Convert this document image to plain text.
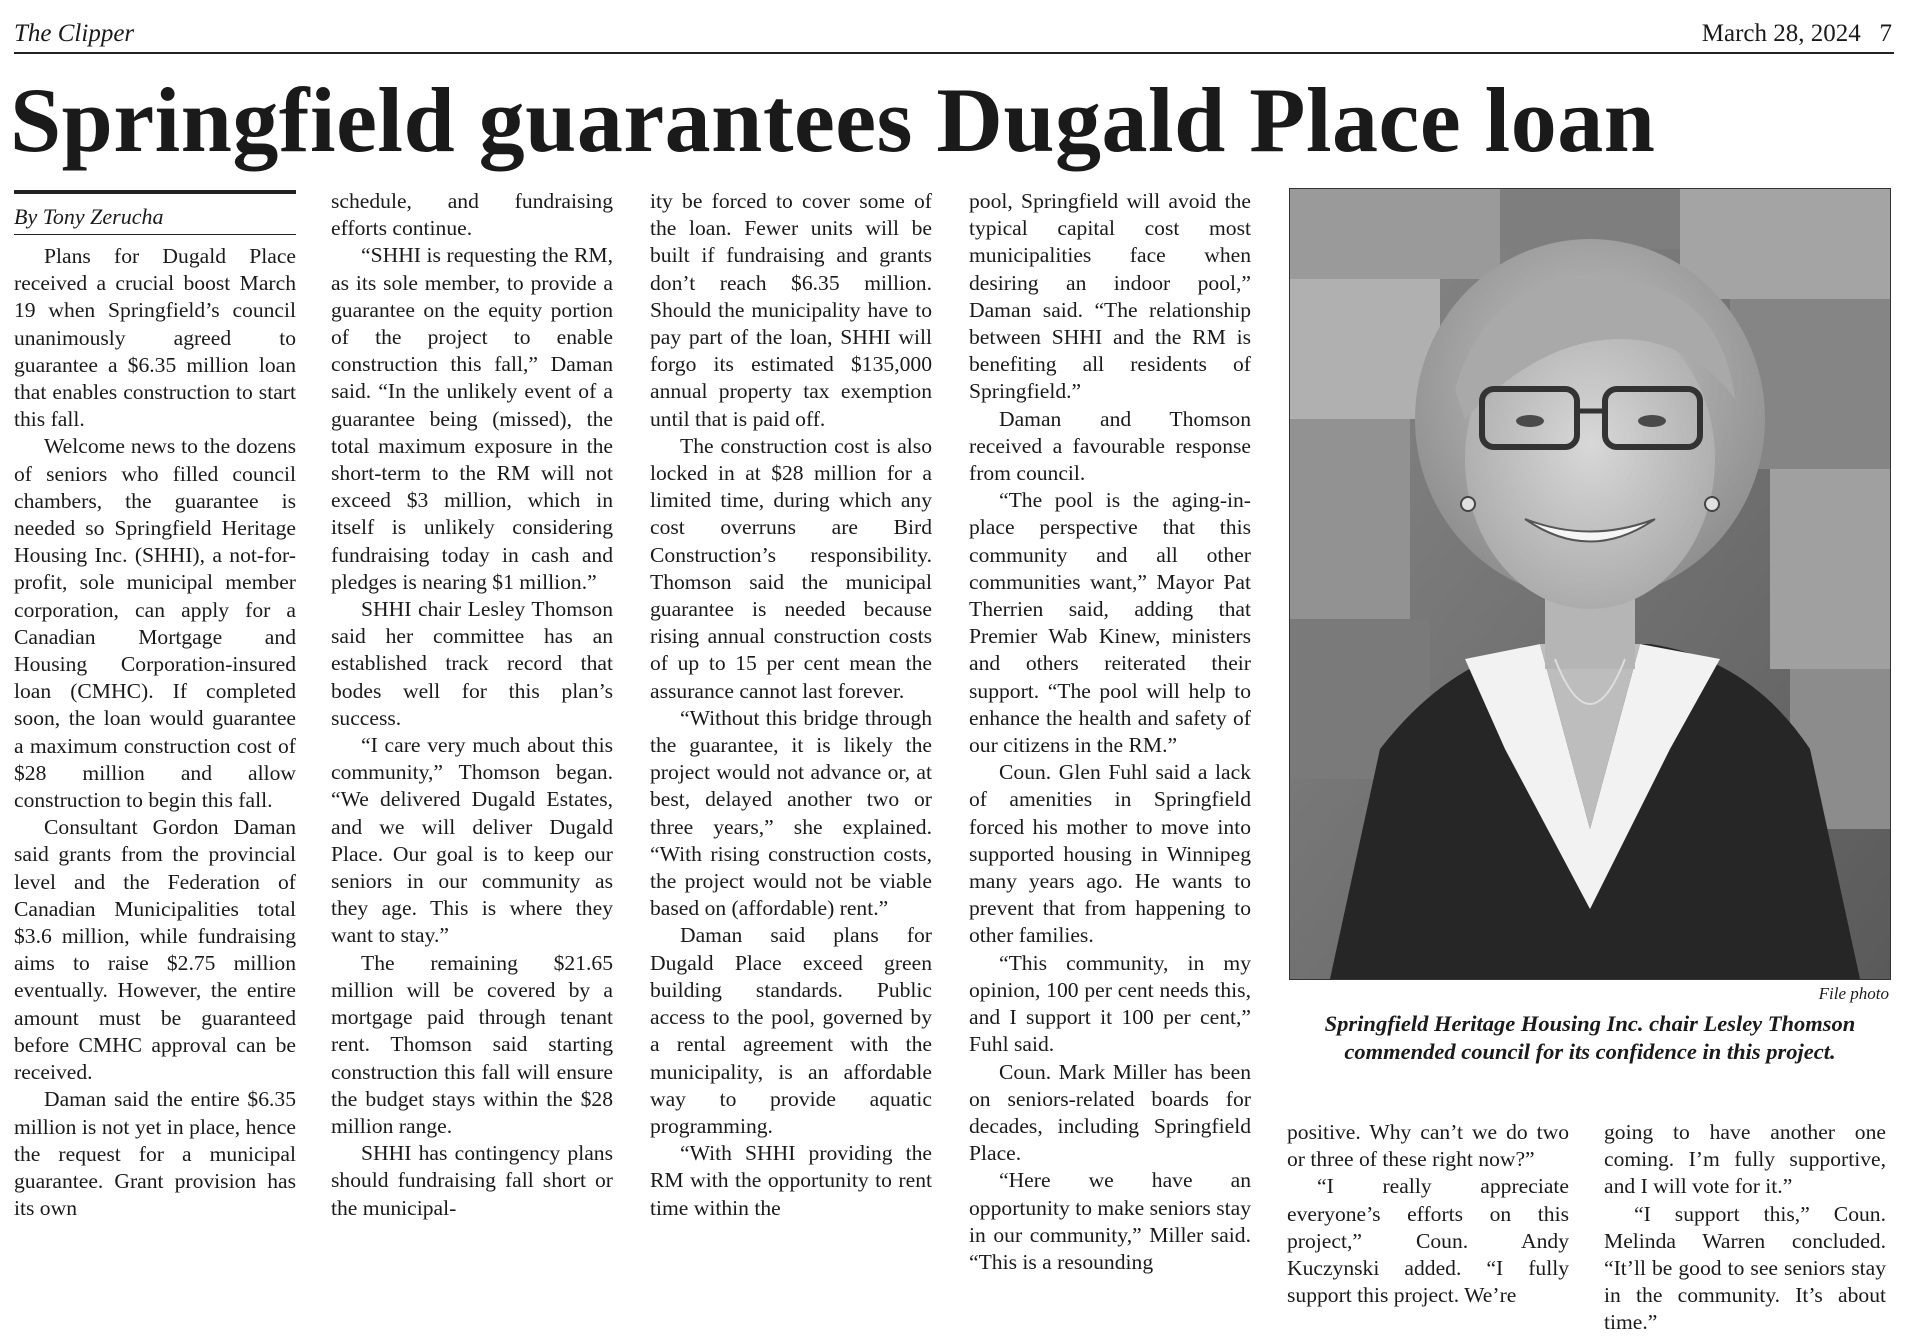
The Clipper	March 28, 2024   7
Springfield guarantees Dugald Place loan
By Tony Zerucha

Plans for Dugald Place received a crucial boost March 19 when Springfield’s council unanimously agreed to guarantee a $6.35 million loan that enables construction to start this fall.

Welcome news to the dozens of seniors who filled council chambers, the guarantee is needed so Springfield Heritage Housing Inc. (SHHI), a not-for-profit, sole municipal member corporation, can apply for a Canadian Mortgage and Housing Corporation-insured loan (CMHC). If completed soon, the loan would guarantee a maximum construction cost of $28 million and allow construction to begin this fall.

Consultant Gordon Daman said grants from the provincial level and the Federation of Canadian Municipalities total $3.6 million, while fundraising aims to raise $2.75 million eventually. However, the entire amount must be guaranteed before CMHC approval can be received.

Daman said the entire $6.35 million is not yet in place, hence the request for a municipal guarantee. Grant provision has its own

schedule, and fundraising efforts continue.

“SHHI is requesting the RM, as its sole member, to provide a guarantee on the equity portion of the project to enable construction this fall,” Daman said. “In the unlikely event of a guarantee being (missed), the total maximum exposure in the short-term to the RM will not exceed $3 million, which in itself is unlikely considering fundraising today in cash and pledges is nearing $1 million.”

SHHI chair Lesley Thomson said her committee has an established track record that bodes well for this plan’s success.

“I care very much about this community,” Thomson began. “We delivered Dugald Estates, and we will deliver Dugald Place. Our goal is to keep our seniors in our community as they age. This is where they want to stay.”

The remaining $21.65 million will be covered by a mortgage paid through tenant rent. Thomson said starting construction this fall will ensure the budget stays within the $28 million range.

SHHI has contingency plans should fundraising fall short or the municipal-

ity be forced to cover some of the loan. Fewer units will be built if fundraising and grants don’t reach $6.35 million. Should the municipality have to pay part of the loan, SHHI will forgo its estimated $135,000 annual property tax exemption until that is paid off.

The construction cost is also locked in at $28 million for a limited time, during which any cost overruns are Bird Construction’s responsibility. Thomson said the municipal guarantee is needed because rising annual construction costs of up to 15 per cent mean the assurance cannot last forever.

“Without this bridge through the guarantee, it is likely the project would not advance or, at best, delayed another two or three years,” she explained. “With rising construction costs, the project would not be viable based on (affordable) rent.”

Daman said plans for Dugald Place exceed green building standards. Public access to the pool, governed by a rental agreement with the municipality, is an affordable way to provide aquatic programming.

“With SHHI providing the RM with the opportunity to rent time within the

pool, Springfield will avoid the typical capital cost most municipalities face when desiring an indoor pool,” Daman said. “The relationship between SHHI and the RM is benefiting all residents of Springfield.”

Daman and Thomson received a favourable response from council.

“The pool is the aging-in-place perspective that this community and all other communities want,” Mayor Pat Therrien said, adding that Premier Wab Kinew, ministers and others reiterated their support. “The pool will help to enhance the health and safety of our citizens in the RM.”

Coun. Glen Fuhl said a lack of amenities in Springfield forced his mother to move into supported housing in Winnipeg many years ago. He wants to prevent that from happening to other families.

“This community, in my opinion, 100 per cent needs this, and I support it 100 per cent,” Fuhl said.

Coun. Mark Miller has been on seniors-related boards for decades, including Springfield Place.

“Here we have an opportunity to make seniors stay in our community,” Miller said. “This is a resounding

File photo
Springfield Heritage Housing Inc. chair Lesley Thomson commended council for its confidence in this project.

positive. Why can’t we do two or three of these right now?”

“I really appreciate everyone’s efforts on this project,” Coun. Andy Kuczynski added. “I fully support this project. We’re

going to have another one coming. I’m fully supportive, and I will vote for it.”

“I support this,” Coun. Melinda Warren concluded. “It’ll be good to see seniors stay in the community. It’s about time.”
